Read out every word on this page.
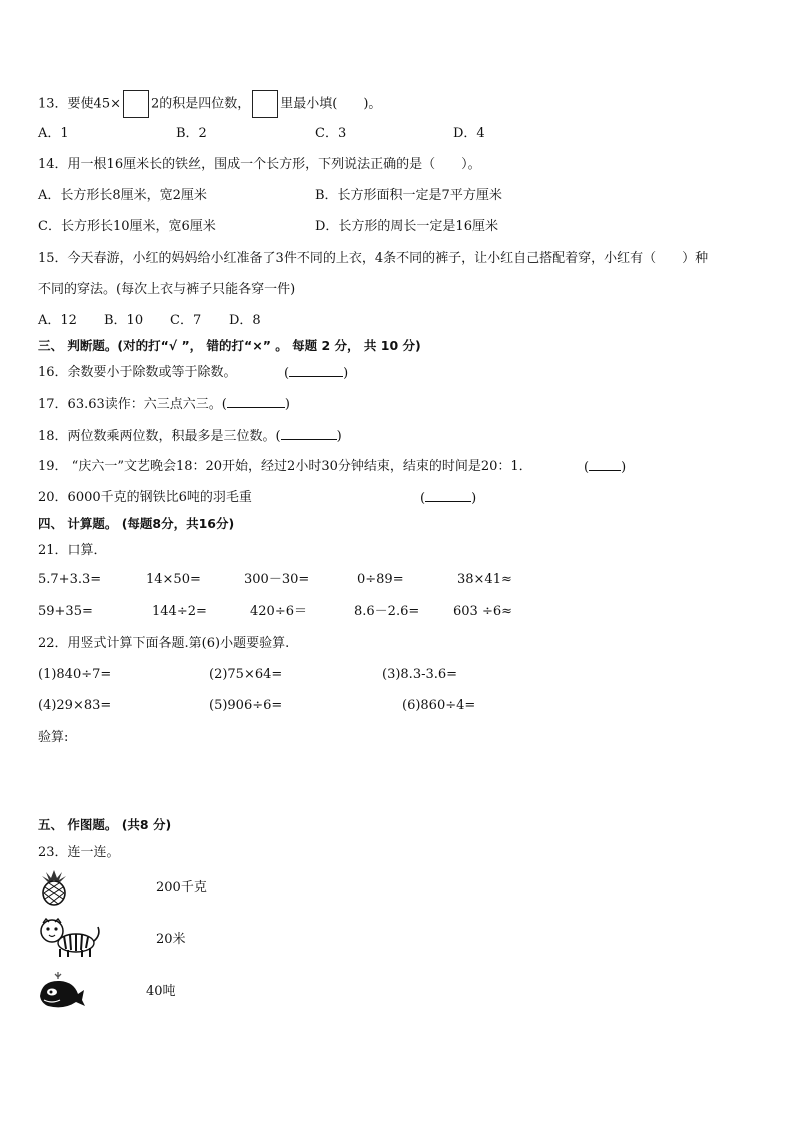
13．要使45× 2的积是四位数， 里最小填(　　)。
A．1	B．2	C．3	D．4
14．用一根16厘米长的铁丝，围成一个长方形，下列说法正确的是（　　）。
A．长方形长8厘米，宽2厘米	B．长方形面积一定是7平方厘米
C．长方形长10厘米，宽6厘米	D．长方形的周长一定是16厘米
15．今天春游，小红的妈妈给小红准备了3件不同的上衣，4条不同的裤子，让小红自己搭配着穿，小红有（　　）种
不同的穿法。(每次上衣与裤子只能各穿一件)
A．12 B．10 C．7 D．8
三、 判断题。(对的打“√ ”， 错的打“×” 。 每题 2 分， 共 10 分)
16．余数要小于除数或等于除数。	(	)
17．63.63读作：六三点六三。(	)
18．两位数乘两位数，积最多是三位数。(	)
19． “庆六一”文艺晚会18：20开始，经过2小时30分钟结束，结束的时间是20：1．	( )
20．6000千克的钢铁比6吨的羽毛重	(	)
四、 计算题。 (每题8分，共16分)
21．口算．
5.7+3.3=	14×50=	300－30=	0÷89=	38×41≈
59+35=	144÷2=	420÷6＝	8.6－2.6=	603 ÷6≈
22．用竖式计算下面各题.第(6)小题要验算.
(1)840÷7=	(2)75×64=	(3)8.3-3.6=
(4)29×83=	(5)906÷6=	(6)860÷4=
验算:
五、 作图题。 (共8 分)
23．连一连。
200千克
20米
40吨
